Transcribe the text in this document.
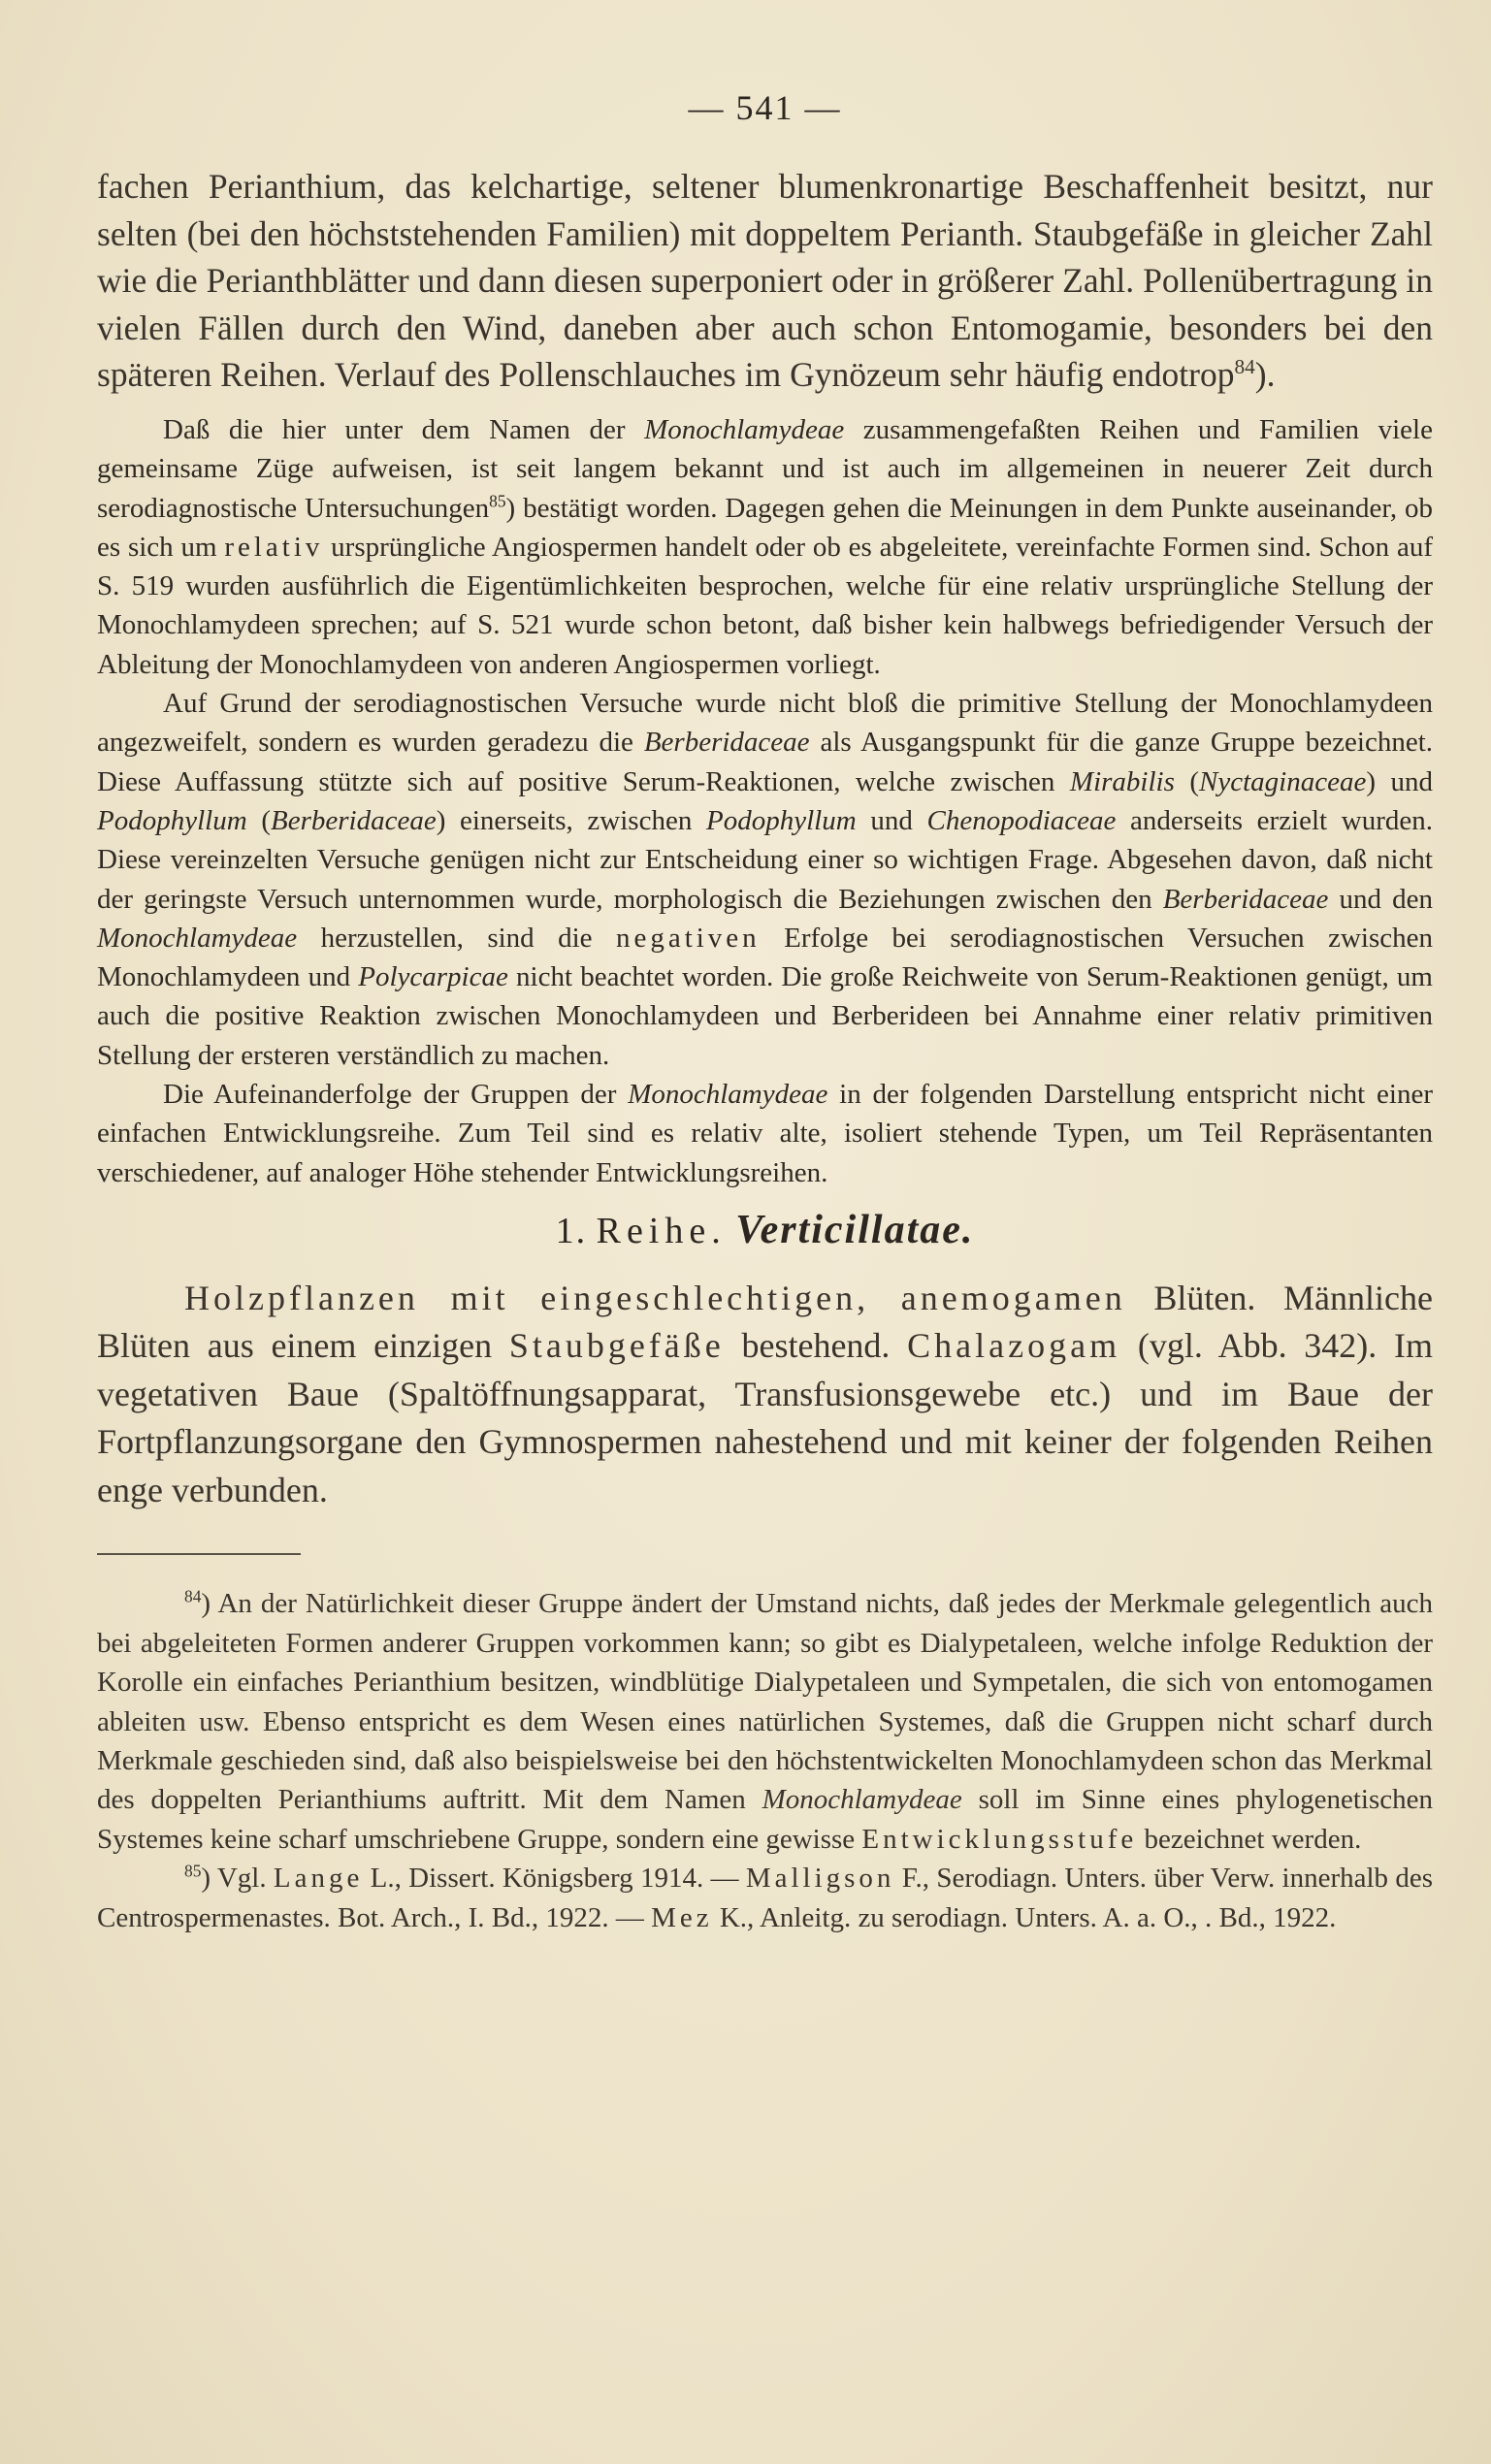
— 541 —

fachen Perianthium, das kelchartige, seltener blumenkronartige Beschaffenheit besitzt, nur selten (bei den höchststehenden Familien) mit doppeltem Perianth. Staubgefäße in gleicher Zahl wie die Perianthblätter und dann diesen superponiert oder in größerer Zahl. Pollenübertragung in vielen Fällen durch den Wind, daneben aber auch schon Entomogamie, besonders bei den späteren Reihen. Verlauf des Pollenschlauches im Gynözeum sehr häufig endotrop$^{84}$).

Daß die hier unter dem Namen der Monochlamydeae zusammengefaßten Reihen und Familien viele gemeinsame Züge aufweisen, ist seit langem bekannt und ist auch im allgemeinen in neuerer Zeit durch serodiagnostische Untersuchungen$^{85}$) bestätigt worden. Dagegen gehen die Meinungen in dem Punkte auseinander, ob es sich um relativ ursprüngliche Angiospermen handelt oder ob es abgeleitete, vereinfachte Formen sind. Schon auf S. 519 wurden ausführlich die Eigentümlichkeiten besprochen, welche für eine relativ ursprüngliche Stellung der Monochlamydeen sprechen; auf S. 521 wurde schon betont, daß bisher kein halbwegs befriedigender Versuch der Ableitung der Monochlamydeen von anderen Angiospermen vorliegt.

Auf Grund der serodiagnostischen Versuche wurde nicht bloß die primitive Stellung der Monochlamydeen angezweifelt, sondern es wurden geradezu die Berberidaceae als Ausgangspunkt für die ganze Gruppe bezeichnet. Diese Auffassung stützte sich auf positive Serum-Reaktionen, welche zwischen Mirabilis (Nyctaginaceae) und Podophyllum (Berberidaceae) einerseits, zwischen Podophyllum und Chenopodiaceae anderseits erzielt wurden. Diese vereinzelten Versuche genügen nicht zur Entscheidung einer so wichtigen Frage. Abgesehen davon, daß nicht der geringste Versuch unternommen wurde, morphologisch die Beziehungen zwischen den Berberidaceae und den Monochlamydeae herzustellen, sind die negativen Erfolge bei serodiagnostischen Versuchen zwischen Monochlamydeen und Polycarpicae nicht beachtet worden. Die große Reichweite von Serum-Reaktionen genügt, um auch die positive Reaktion zwischen Monochlamydeen und Berberideen bei Annahme einer relativ primitiven Stellung der ersteren verständlich zu machen.

Die Aufeinanderfolge der Gruppen der Monochlamydeae in der folgenden Darstellung entspricht nicht einer einfachen Entwicklungsreihe. Zum Teil sind es relativ alte, isoliert stehende Typen, um Teil Repräsentanten verschiedener, auf analoger Höhe stehender Entwicklungsreihen.

1. Reihe. Verticillatae.

Holzpflanzen mit eingeschlechtigen, anemogamen Blüten. Männliche Blüten aus einem einzigen Staubgefäße bestehend. Chalazogam (vgl. Abb. 342). Im vegetativen Baue (Spaltöffnungsapparat, Transfusionsgewebe etc.) und im Baue der Fortpflanzungsorgane den Gymnospermen nahestehend und mit keiner der folgenden Reihen enge verbunden.

$^{84}$) An der Natürlichkeit dieser Gruppe ändert der Umstand nichts, daß jedes der Merkmale gelegentlich auch bei abgeleiteten Formen anderer Gruppen vorkommen kann; so gibt es Dialypetaleen, welche infolge Reduktion der Korolle ein einfaches Perianthium besitzen, windblütige Dialypetaleen und Sympetalen, die sich von entomogamen ableiten usw. Ebenso entspricht es dem Wesen eines natürlichen Systemes, daß die Gruppen nicht scharf durch Merkmale geschieden sind, daß also beispielsweise bei den höchstentwickelten Monochlamydeen schon das Merkmal des doppelten Perianthiums auftritt. Mit dem Namen Monochlamydeae soll im Sinne eines phylogenetischen Systemes keine scharf umschriebene Gruppe, sondern eine gewisse Entwicklungsstufe bezeichnet werden.

$^{85}$) Vgl. Lange L., Dissert. Königsberg 1914. — Malligson F., Serodiagn. Unters. über Verw. innerhalb des Centrospermenastes. Bot. Arch., I. Bd., 1922. — Mez K., Anleitg. zu serodiagn. Unters. A. a. O., . Bd., 1922.
